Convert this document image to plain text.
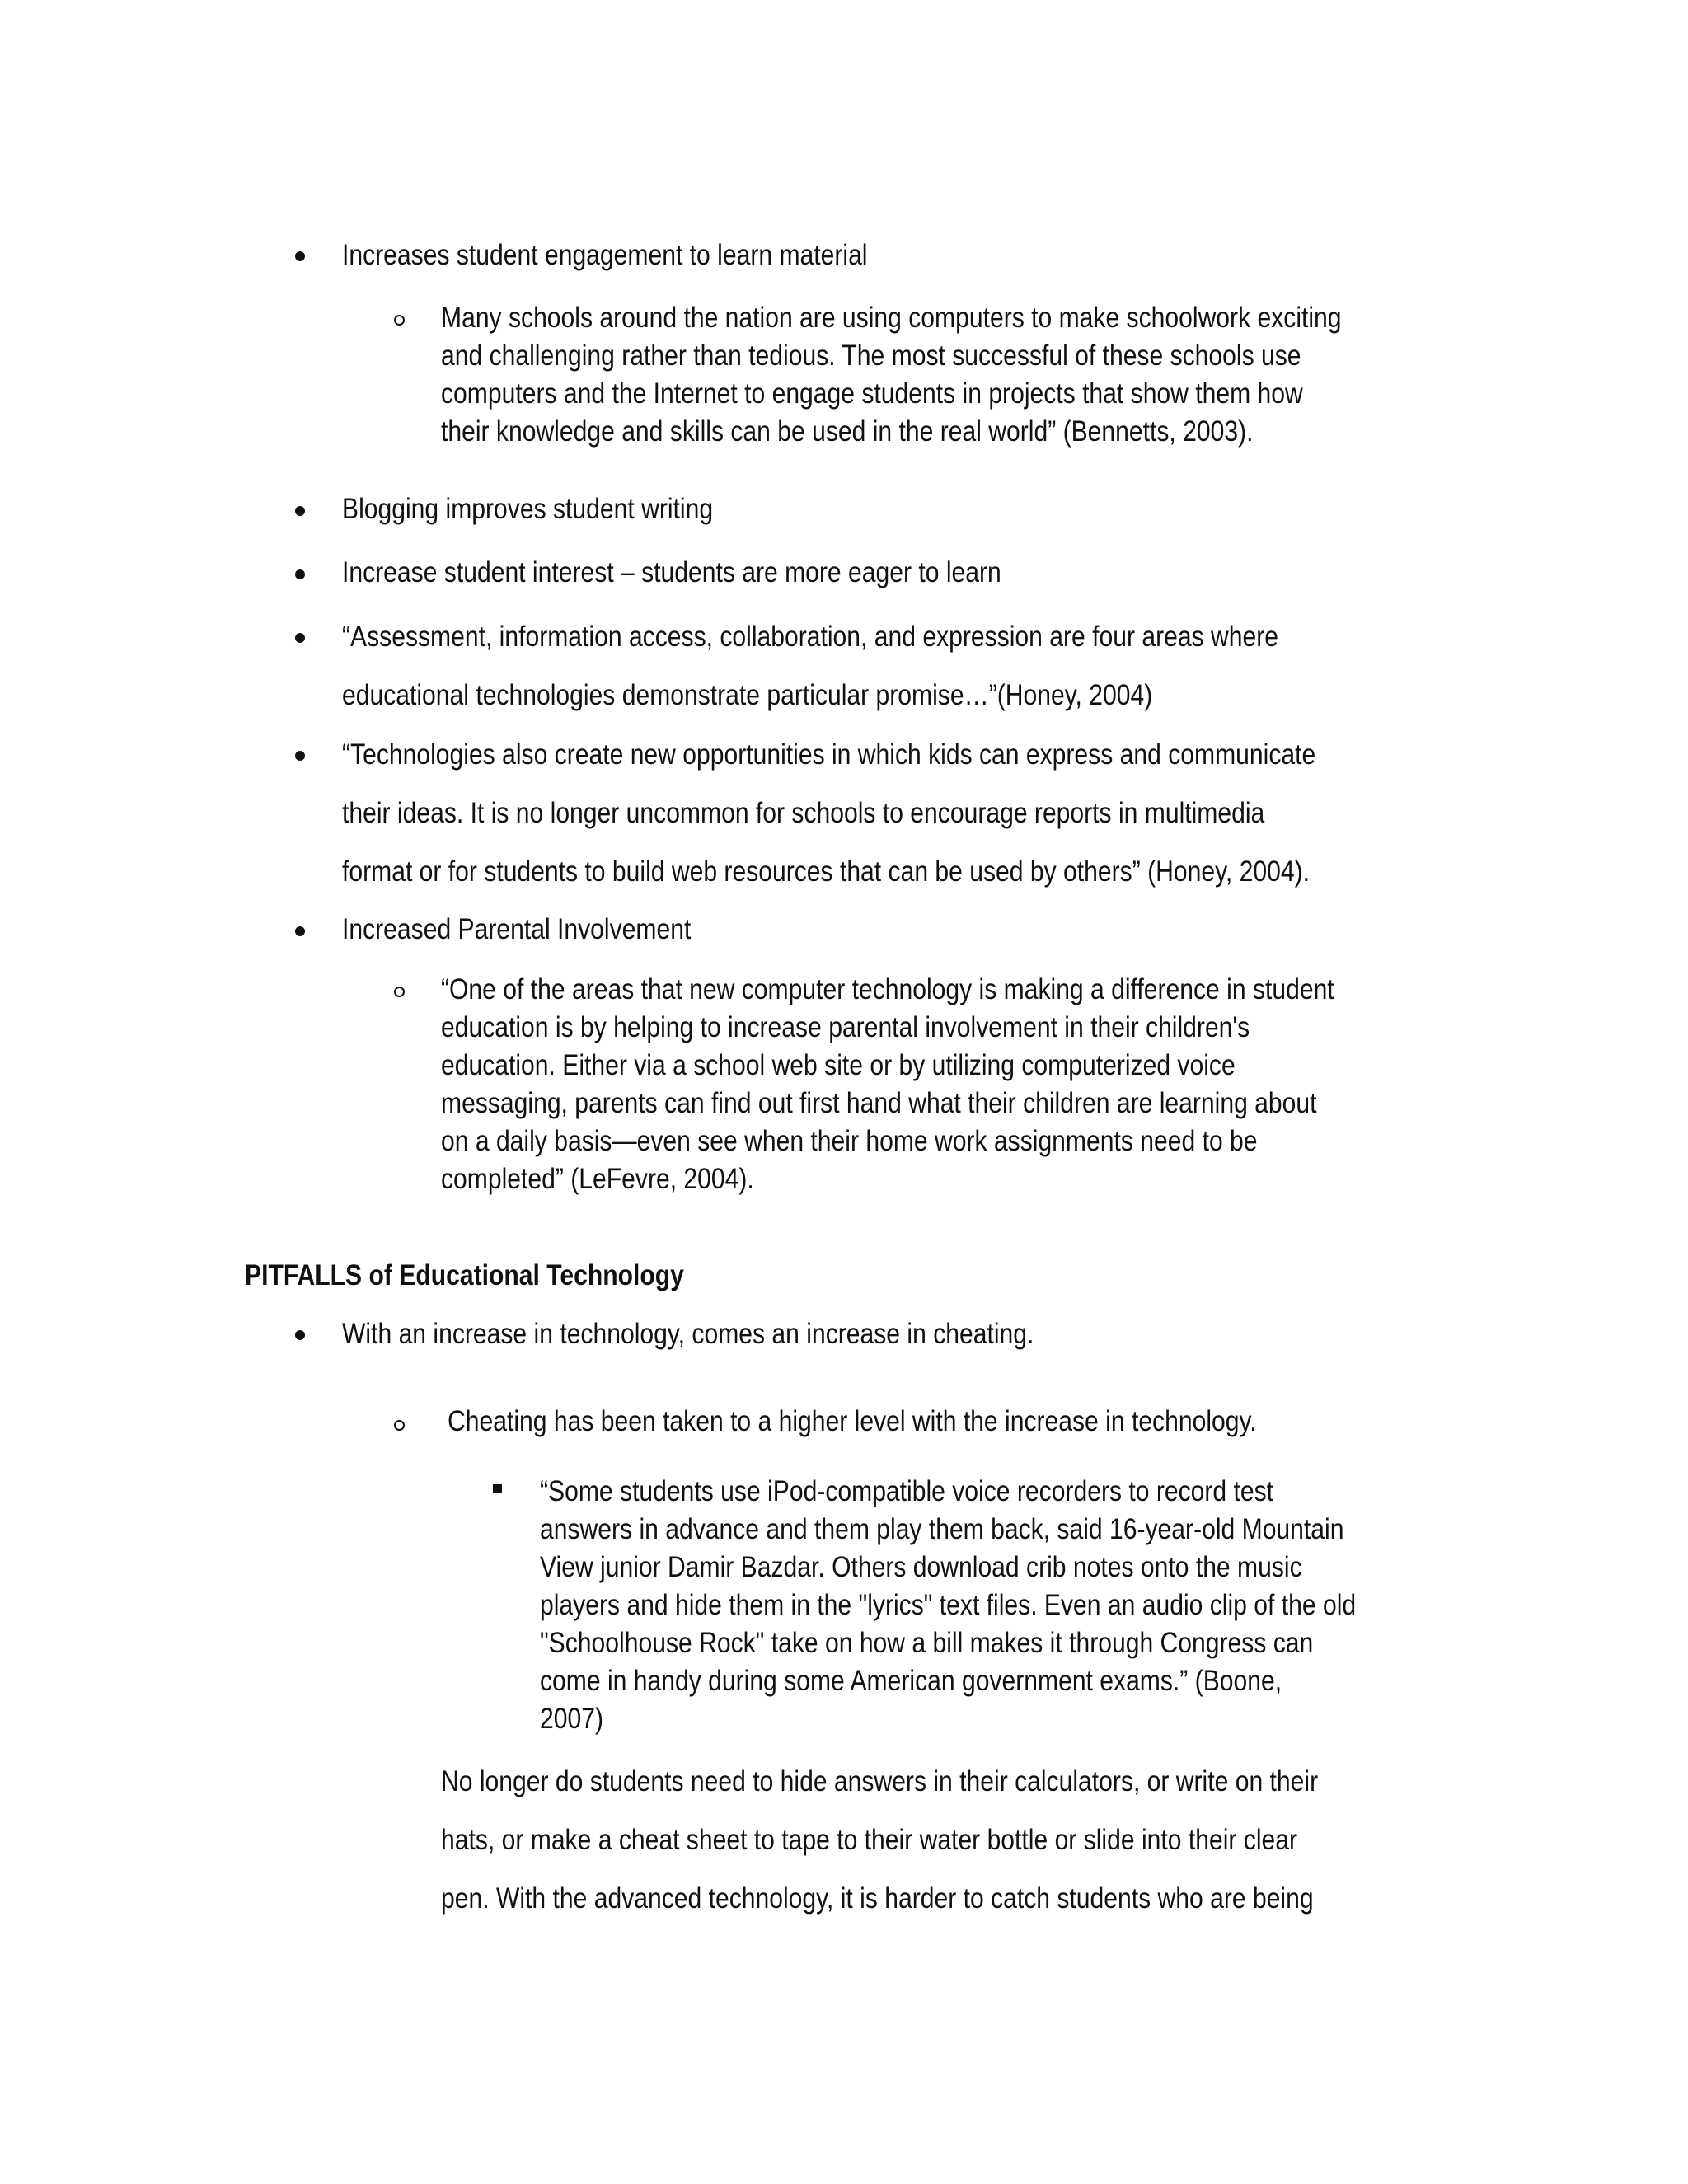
Increases student engagement to learn material
Many schools around the nation are using computers to make schoolwork exciting
and challenging rather than tedious. The most successful of these schools use
computers and the Internet to engage students in projects that show them how
their knowledge and skills can be used in the real world” (Bennetts, 2003).
Blogging improves student writing
Increase student interest – students are more eager to learn
“Assessment, information access, collaboration, and expression are four areas where
educational technologies demonstrate particular promise…”(Honey, 2004)
“Technologies also create new opportunities in which kids can express and communicate
their ideas. It is no longer uncommon for schools to encourage reports in multimedia
format or for students to build web resources that can be used by others” (Honey, 2004).
Increased Parental Involvement
“One of the areas that new computer technology is making a difference in student
education is by helping to increase parental involvement in their children's
education. Either via a school web site or by utilizing computerized voice
messaging, parents can find out first hand what their children are learning about
on a daily basis—even see when their home work assignments need to be
completed” (LeFevre, 2004).
PITFALLS of Educational Technology
With an increase in technology, comes an increase in cheating.
Cheating has been taken to a higher level with the increase in technology.
“Some students use iPod-compatible voice recorders to record test
answers in advance and them play them back, said 16-year-old Mountain
View junior Damir Bazdar. Others download crib notes onto the music
players and hide them in the "lyrics" text files. Even an audio clip of the old
"Schoolhouse Rock" take on how a bill makes it through Congress can
come in handy during some American government exams.” (Boone,
2007)
No longer do students need to hide answers in their calculators, or write on their
hats, or make a cheat sheet to tape to their water bottle or slide into their clear
pen. With the advanced technology, it is harder to catch students who are being
